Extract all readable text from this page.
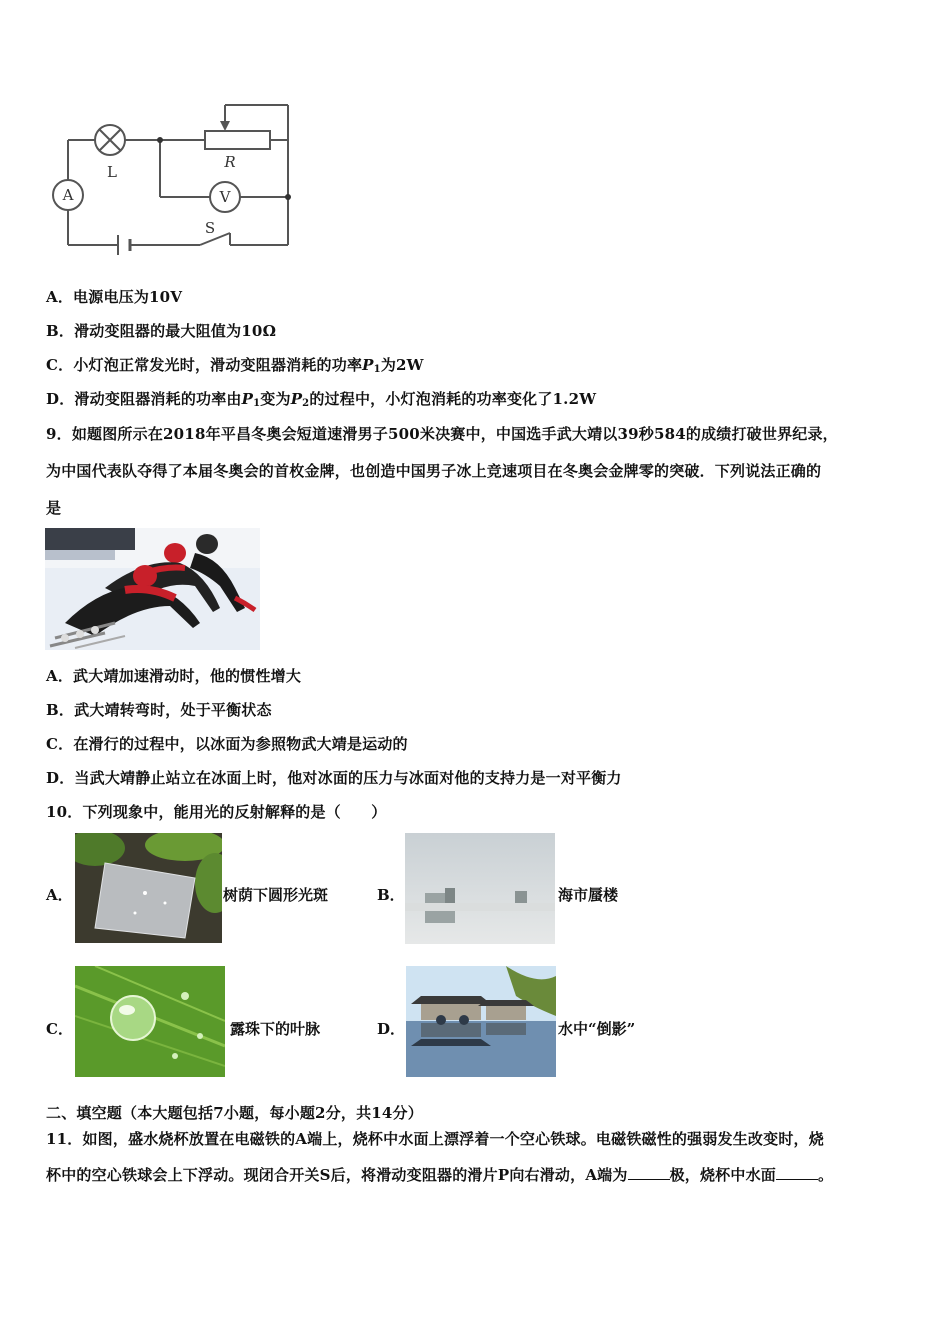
A
L
R
V
S
A．电源电压为10V
B．滑动变阻器的最大阻值为10Ω
C．小灯泡正常发光时，滑动变阻器消耗的功率$P_1$为2W
D．滑动变阻器消耗的功率由$P_1$变为$P_2$的过程中，小灯泡消耗的功率变化了1.2W
9．如题图所示在2018年平昌冬奥会短道速滑男子500米决赛中，中国选手武大靖以39秒584的成绩打破世界纪录，
为中国代表队夺得了本届冬奥会的首枚金牌，也创造中国男子冰上竞速项目在冬奥会金牌零的突破．下列说法正确的
是
A．武大靖加速滑动时，他的惯性增大
B．武大靖转弯时，处于平衡状态
C．在滑行的过程中，以冰面为参照物武大靖是运动的
D．当武大靖静止站立在冰面上时，他对冰面的压力与冰面对他的支持力是一对平衡力
10．下列现象中，能用光的反射解释的是（　　）
A．	树荫下圆形光斑	B．	海市蜃楼
C．	露珠下的叶脉	D．	水中“倒影”
二、填空题（本大题包括7小题，每小题2分，共14分）
11．如图，盛水烧杯放置在电磁铁的A端上，烧杯中水面上漂浮着一个空心铁球。电磁铁磁性的强弱发生改变时，烧
杯中的空心铁球会上下浮动。现闭合开关S后，将滑动变阻器的滑片P向右滑动，A端为	极，烧杯中水面	。
